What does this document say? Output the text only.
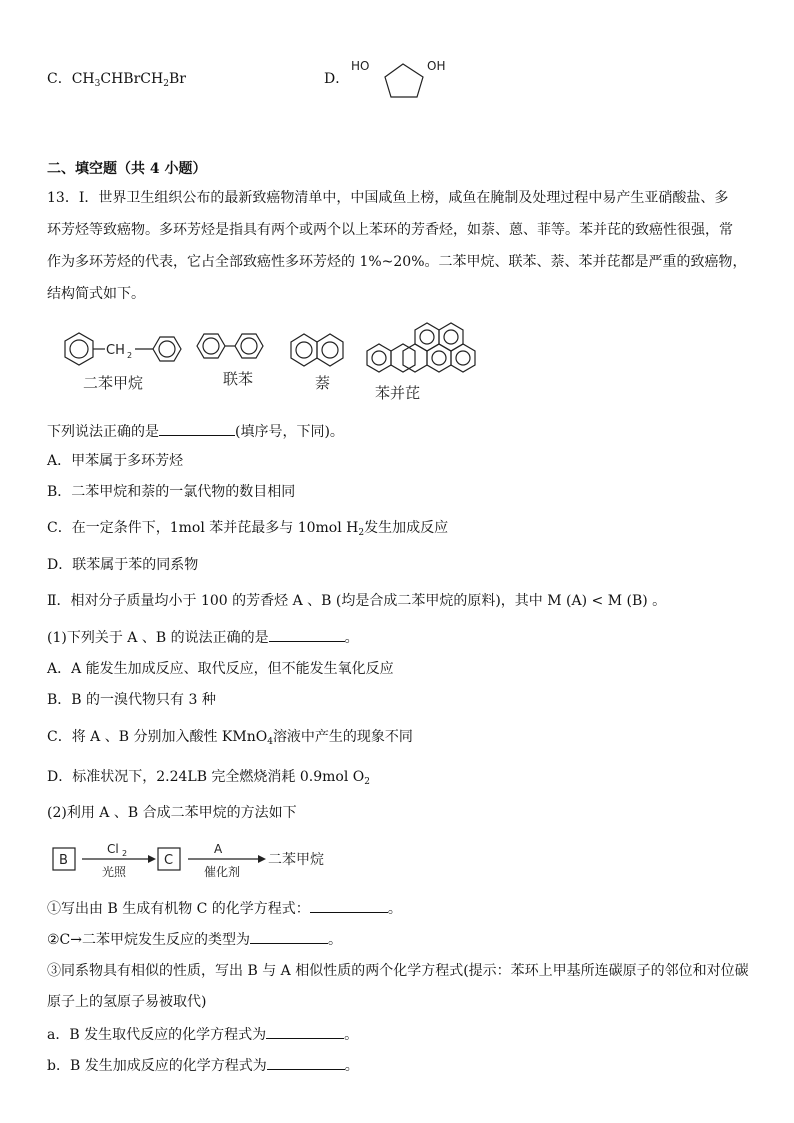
C．$CH_3CHBrCH_2Br$	D．
HO	OH
二、填空题（共 4 小题）
13．Ⅰ．世界卫生组织公布的最新致癌物清单中，中国咸鱼上榜，咸鱼在腌制及处理过程中易产生亚硝酸盐、多
环芳烃等致癌物。多环芳烃是指具有两个或两个以上苯环的芳香烃，如萘、蒽、菲等。苯并芘的致癌性很强，常
作为多环芳烃的代表，它占全部致癌性多环芳烃的 1%~20%。二苯甲烷、联苯、萘、苯并芘都是严重的致癌物，
结构简式如下。
CH 2
二苯甲烷	联苯	萘
苯并芘
下列说法正确的是	(填序号，下同)。
A．甲苯属于多环芳烃
B．二苯甲烷和萘的一氯代物的数目相同
C．在一定条件下，1mol 苯并芘最多与 10mol $H_2$发生加成反应
D．联苯属于苯的同系物
Ⅱ．相对分子质量均小于 100 的芳香烃 A 、B (均是合成二苯甲烷的原料)，其中 M (A) < M (B) 。
(1)下列关于 A 、B 的说法正确的是	。
A．A 能发生加成反应、取代反应，但不能发生氧化反应
B．B 的一溴代物只有 3 种
C．将 A 、B 分别加入酸性 KMnO$_4$溶液中产生的现象不同
D．标准状况下，2.24LB 完全燃烧消耗 0.9mol $O_2$
(2)利用 A 、B 合成二苯甲烷的方法如下
B
Cl 2
光照
C
A
催化剂
二苯甲烷
①写出由 B 生成有机物 C 的化学方程式：	。
②C→二苯甲烷发生反应的类型为	。
③同系物具有相似的性质，写出 B 与 A 相似性质的两个化学方程式(提示：苯环上甲基所连碳原子的邻位和对位碳
原子上的氢原子易被取代)
a．B 发生取代反应的化学方程式为	。
b．B 发生加成反应的化学方程式为	。
